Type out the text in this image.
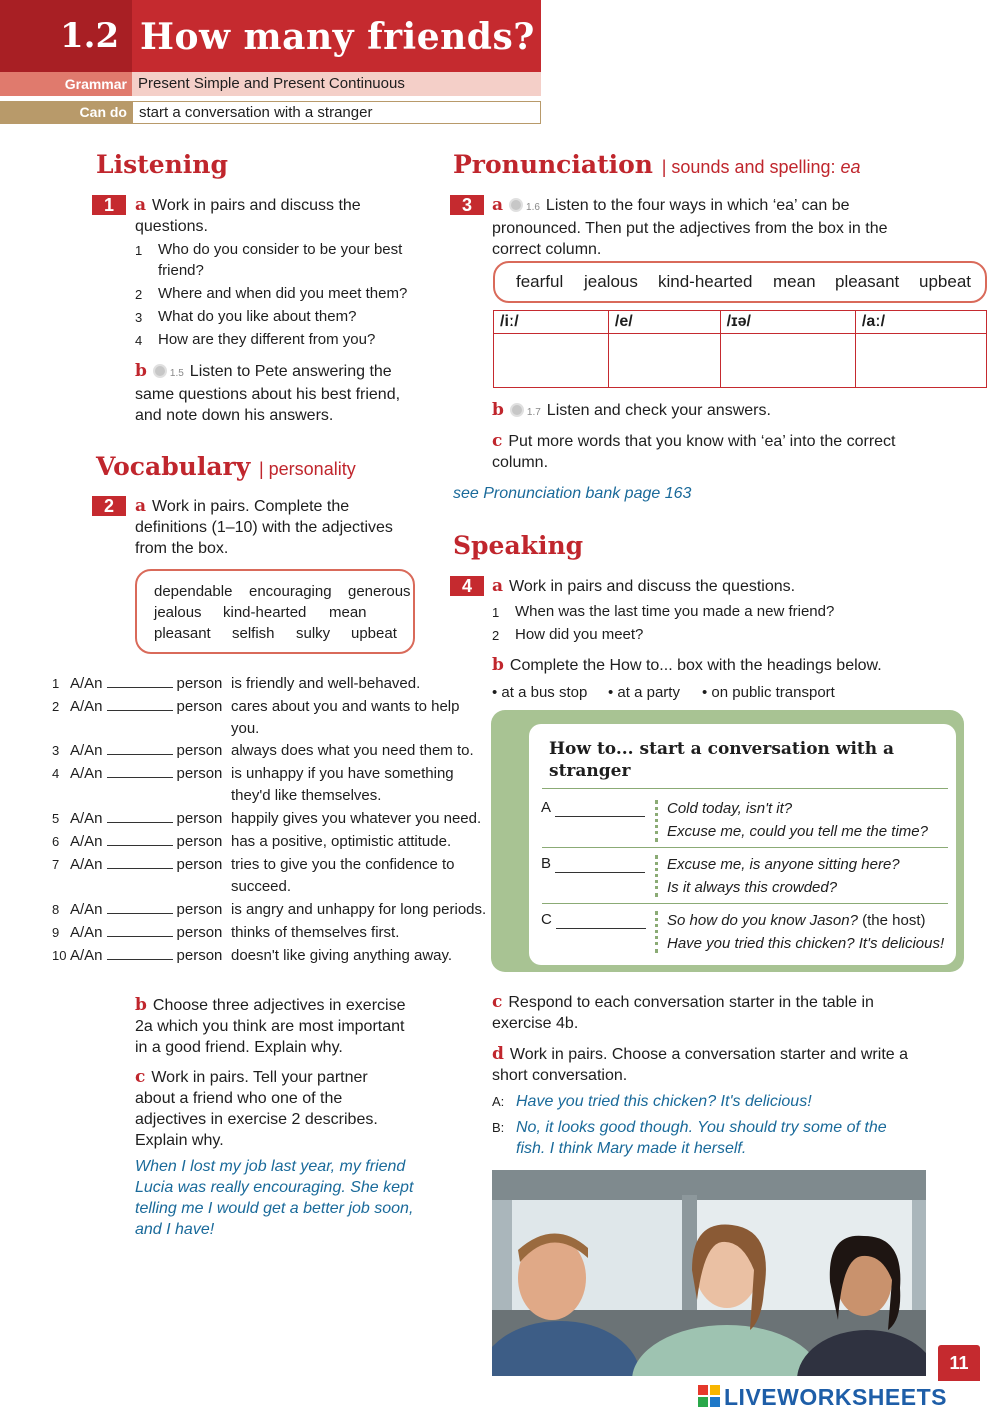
1.2 How many friends?
Grammar Present Simple and Present Continuous
Can do start a conversation with a stranger
Listening
1	a Work in pairs and discuss the questions.
1 Who do you consider to be your best friend?
2 Where and when did you meet them?
3 What do you like about them?
4 How are they different from you?
b 1.5 Listen to Pete answering the same questions about his best friend, and note down his answers.
Vocabulary | personality
2	a Work in pairs. Complete the definitions (1–10) with the adjectives from the box.
dependable encouraging generous
jealous kind-hearted mean
pleasant selfish sulky upbeat
1 A/An	person is friendly and well-behaved.
2 A/An	person cares about you and wants to help you.
3 A/An	person always does what you need them to.
4 A/An	person is unhappy if you have something they'd like themselves.
5 A/An	person happily gives you whatever you need.
6 A/An	person has a positive, optimistic attitude.
7 A/An	person tries to give you the confidence to succeed.
8 A/An	person is angry and unhappy for long periods.
9 A/An	person thinks of themselves first.
10 A/An	person doesn't like giving anything away.
b Choose three adjectives in exercise 2a which you think are most important in a good friend. Explain why.
c Work in pairs. Tell your partner about a friend who one of the adjectives in exercise 2 describes. Explain why.
When I lost my job last year, my friend Lucia was really encouraging. She kept telling me I would get a better job soon, and I have!
Pronunciation | sounds and spelling: ea
3	a 1.6 Listen to the four ways in which ‘ea’ can be pronounced. Then put the adjectives from the box in the correct column.
fearful jealous kind-hearted mean pleasant upbeat
/iː/	/e/	/ɪə/	/aː/

b 1.7 Listen and check your answers.
c Put more words that you know with ‘ea’ into the correct column.
see Pronunciation bank page 163
Speaking
4	a Work in pairs and discuss the questions.
1 When was the last time you made a new friend?
2 How did you meet?
b Complete the How to... box with the headings below.
• at a bus stop • at a party • on public transport
How to... start a conversation with a stranger
A	Cold today, isn't it?
Excuse me, could you tell me the time?
B	Excuse me, is anyone sitting here?
Is it always this crowded?
C	So how do you know Jason? (the host)
Have you tried this chicken? It's delicious!
c Respond to each conversation starter in the table in exercise 4b.
d Work in pairs. Choose a conversation starter and write a short conversation.
A: Have you tried this chicken? It's delicious!
B: No, it looks good though. You should try some of the fish. I think Mary made it herself.
11
LIVEWORKSHEETS
